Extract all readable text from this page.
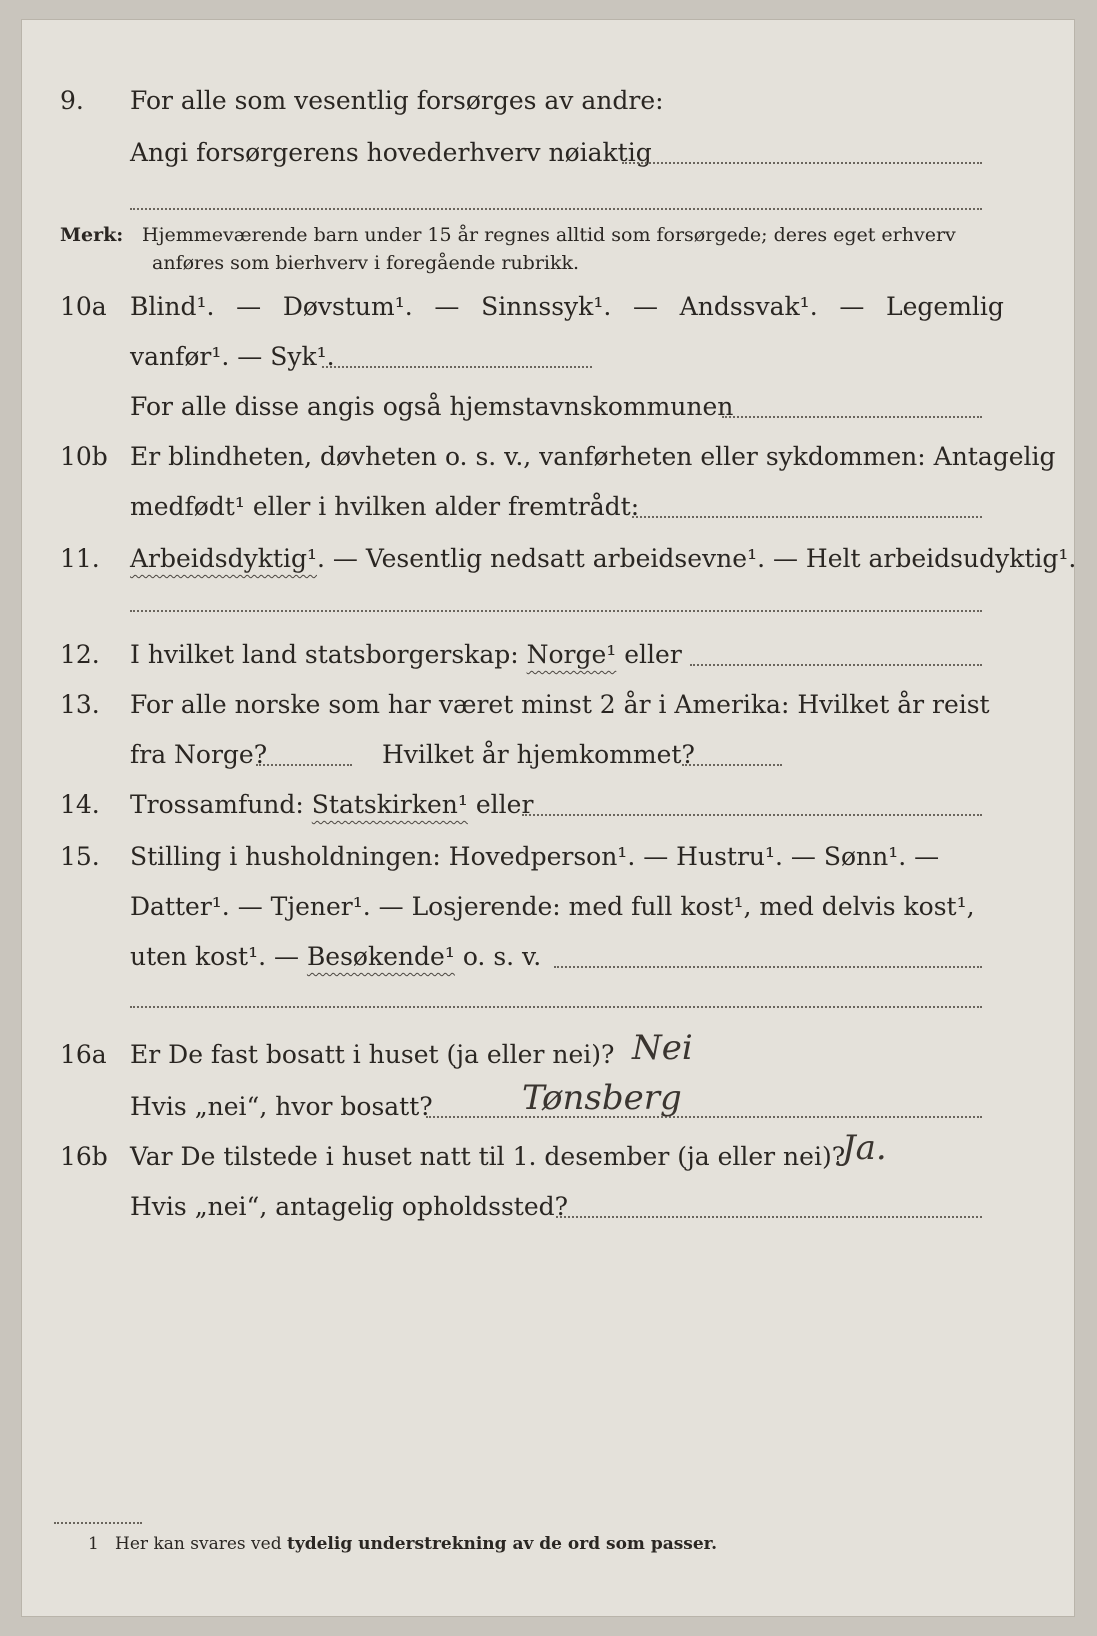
9. For alle som vesentlig forsørges av andre:
Angi forsørgerens hovederhverv nøiaktig
Merk: Hjemmeværende barn under 15 år regnes alltid som forsørgede; deres eget erhverv
anføres som bierhverv i foregående rubrikk.
10a Blind¹. — Døvstum¹. — Sinnssyk¹. — Andssvak¹. — Legemlig
vanfør¹. — Syk¹.
For alle disse angis også hjemstavnskommunen
10b Er blindheten, døvheten o. s. v., vanførheten eller sykdommen: Antagelig
medfødt¹ eller i hvilken alder fremtrådt:
11. Arbeidsdyktig¹. — Vesentlig nedsatt arbeidsevne¹. — Helt arbeidsudyktig¹.
12. I hvilket land statsborgerskap: Norge¹ eller
13. For alle norske som har været minst 2 år i Amerika: Hvilket år reist
fra Norge?	Hvilket år hjemkommet?
14. Trossamfund: Statskirken¹ eller
15. Stilling i husholdningen: Hovedperson¹. — Hustru¹. — Sønn¹. —
Datter¹. — Tjener¹. — Losjerende: med full kost¹, med delvis kost¹,
uten kost¹. — Besøkende¹ o. s. v.
16a Er De fast bosatt i huset (ja eller nei)? Nei
Hvis „nei“, hvor bosatt?	Tønsberg
16b Var De tilstede i huset natt til 1. desember (ja eller nei)?
Ja.
Hvis „nei“, antagelig opholdssted?
1 Her kan svares ved tydelig understrekning av de ord som passer.
